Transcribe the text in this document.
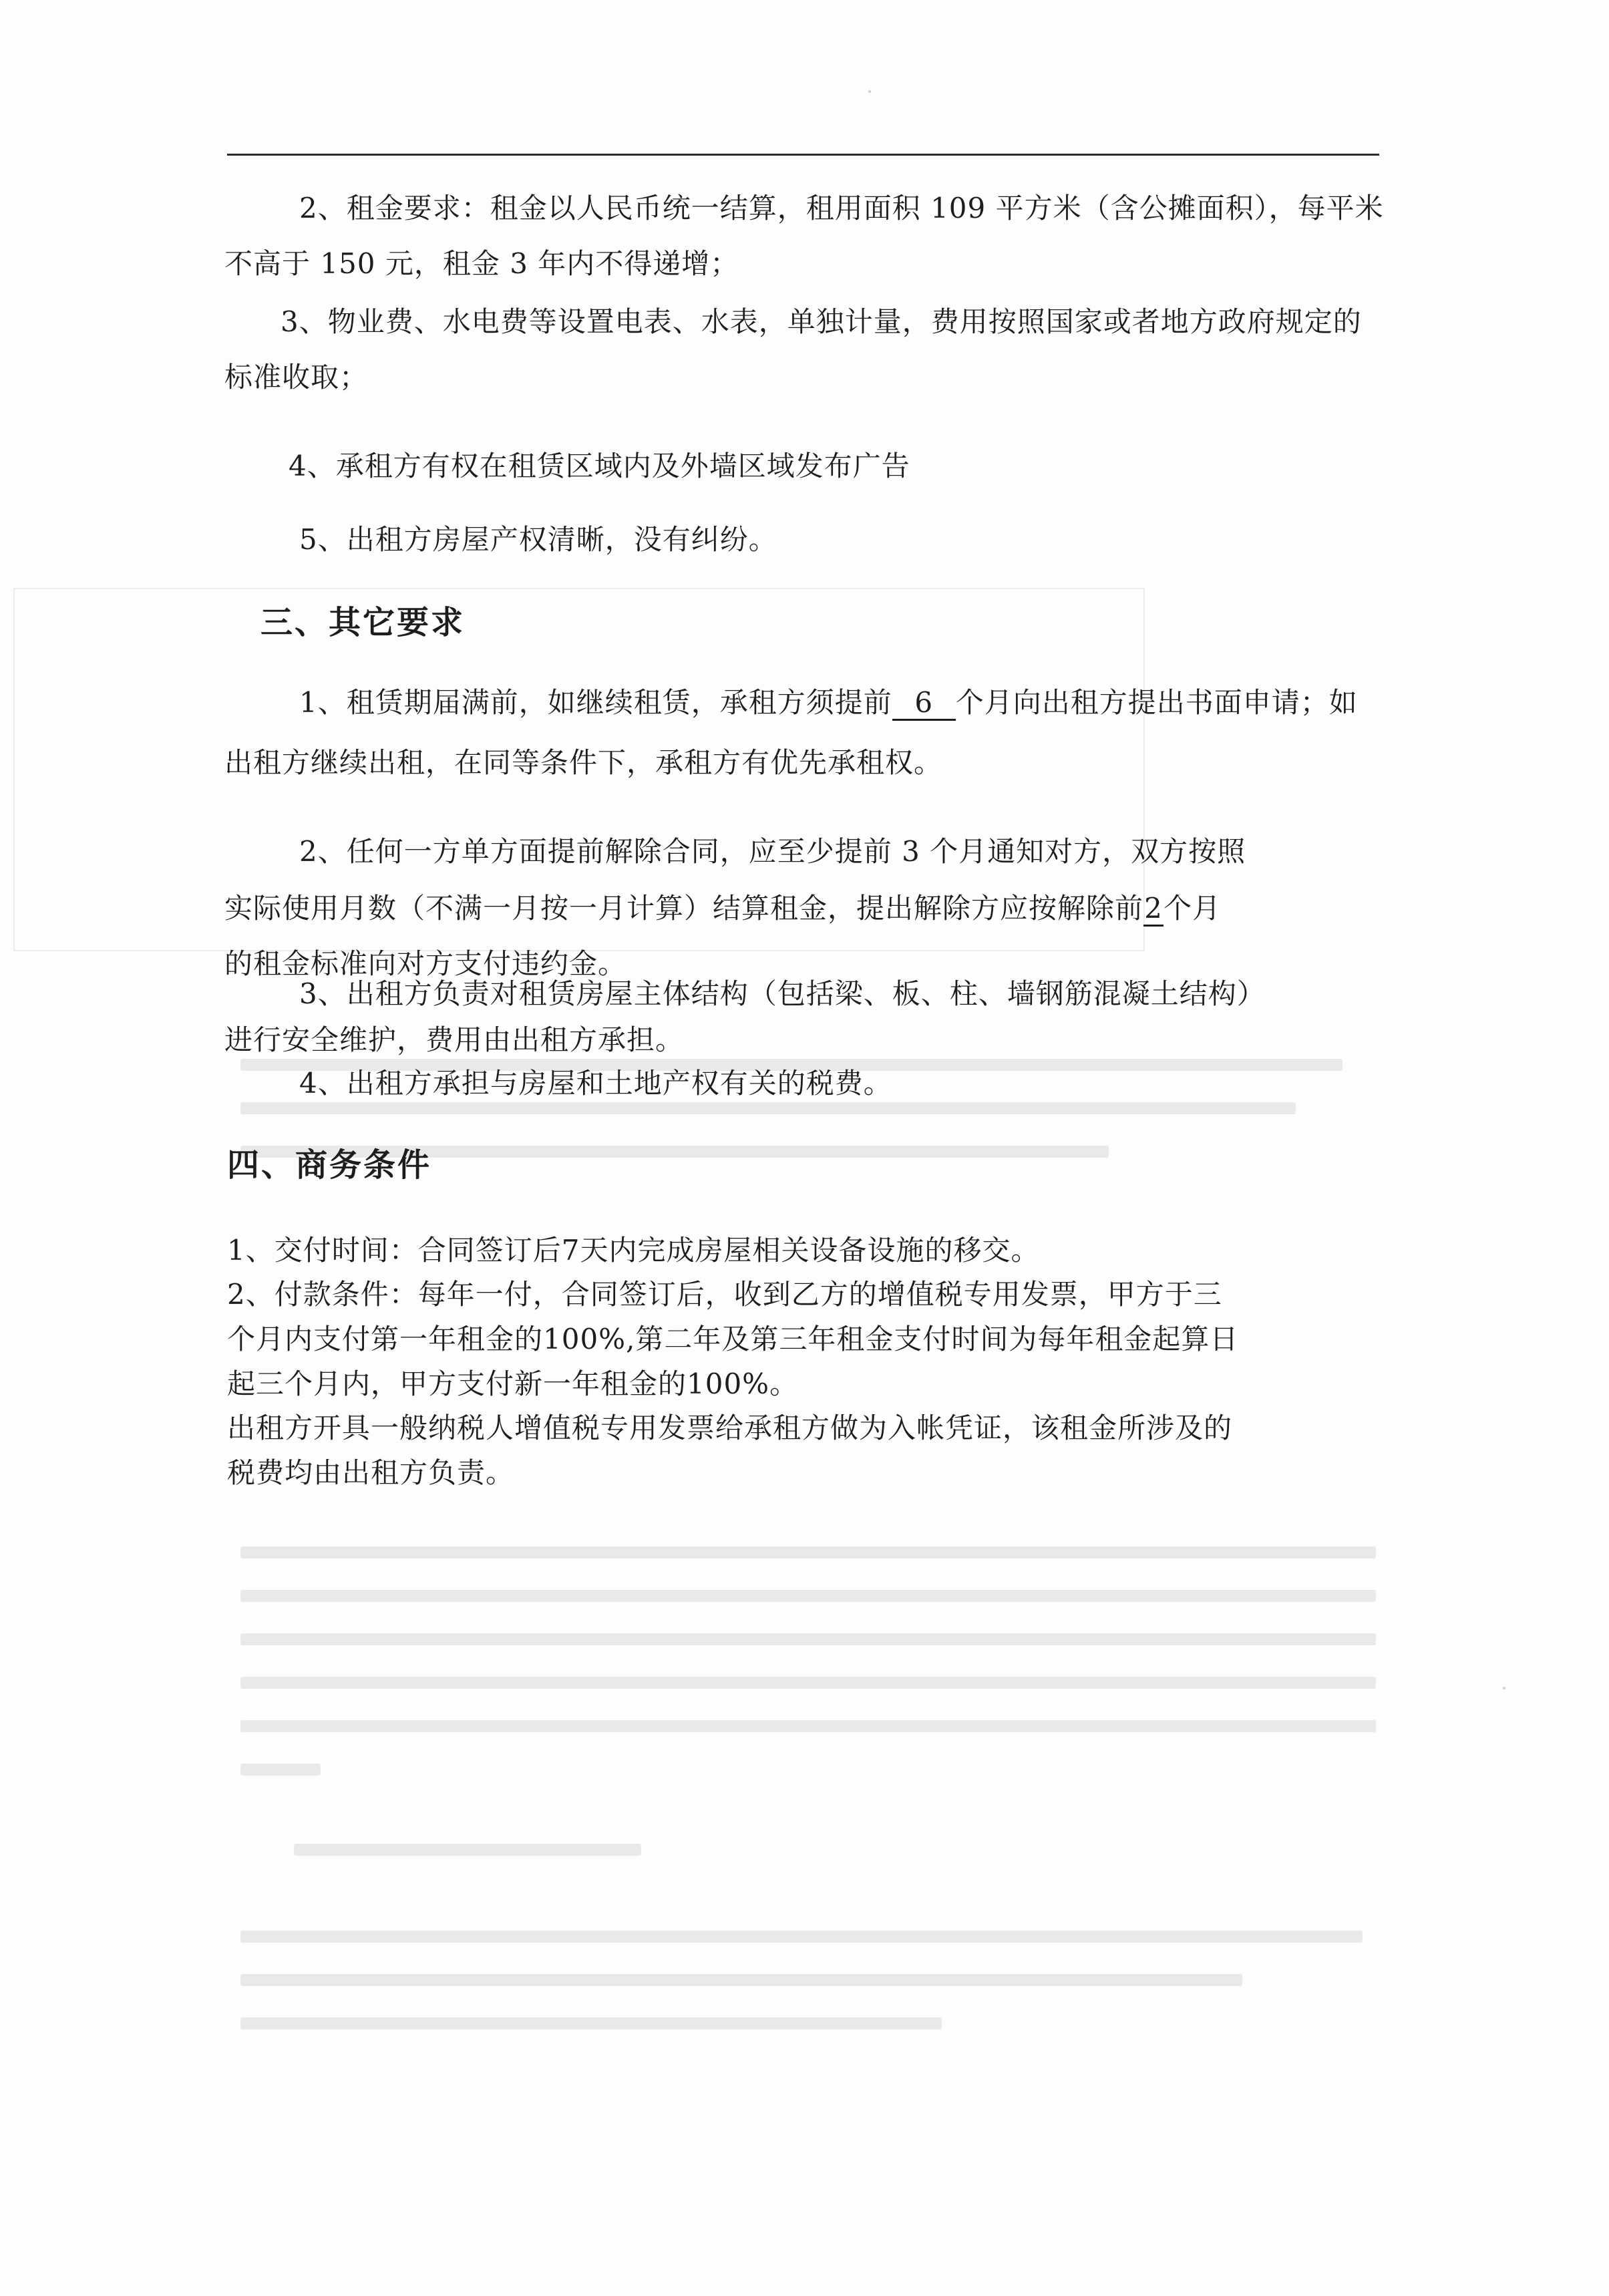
2、租金要求：租金以人民币统一结算，租用面积 109 平方米（含公摊面积），每平米
不高于 150 元，租金 3 年内不得递增；
3、物业费、水电费等设置电表、水表，单独计量，费用按照国家或者地方政府规定的
标准收取；
4、承租方有权在租赁区域内及外墙区域发布广告
5、出租方房屋产权清晰，没有纠纷。
三、其它要求
1、租赁期届满前，如继续租赁，承租方须提前 6 个月向出租方提出书面申请；如
出租方继续出租，在同等条件下，承租方有优先承租权。
2、任何一方单方面提前解除合同，应至少提前 3 个月通知对方，双方按照
实际使用月数（不满一月按一月计算）结算租金，提出解除方应按解除前2个月
的租金标准向对方支付违约金。
3、出租方负责对租赁房屋主体结构（包括梁、板、柱、墙钢筋混凝土结构）
进行安全维护，费用由出租方承担。
4、出租方承担与房屋和土地产权有关的税费。
四、商务条件
1、交付时间：合同签订后7天内完成房屋相关设备设施的移交。
2、付款条件：每年一付，合同签订后，收到乙方的增值税专用发票，甲方于三
个月内支付第一年租金的100%,第二年及第三年租金支付时间为每年租金起算日
起三个月内，甲方支付新一年租金的100%。
出租方开具一般纳税人增值税专用发票给承租方做为入帐凭证，该租金所涉及的
税费均由出租方负责。
